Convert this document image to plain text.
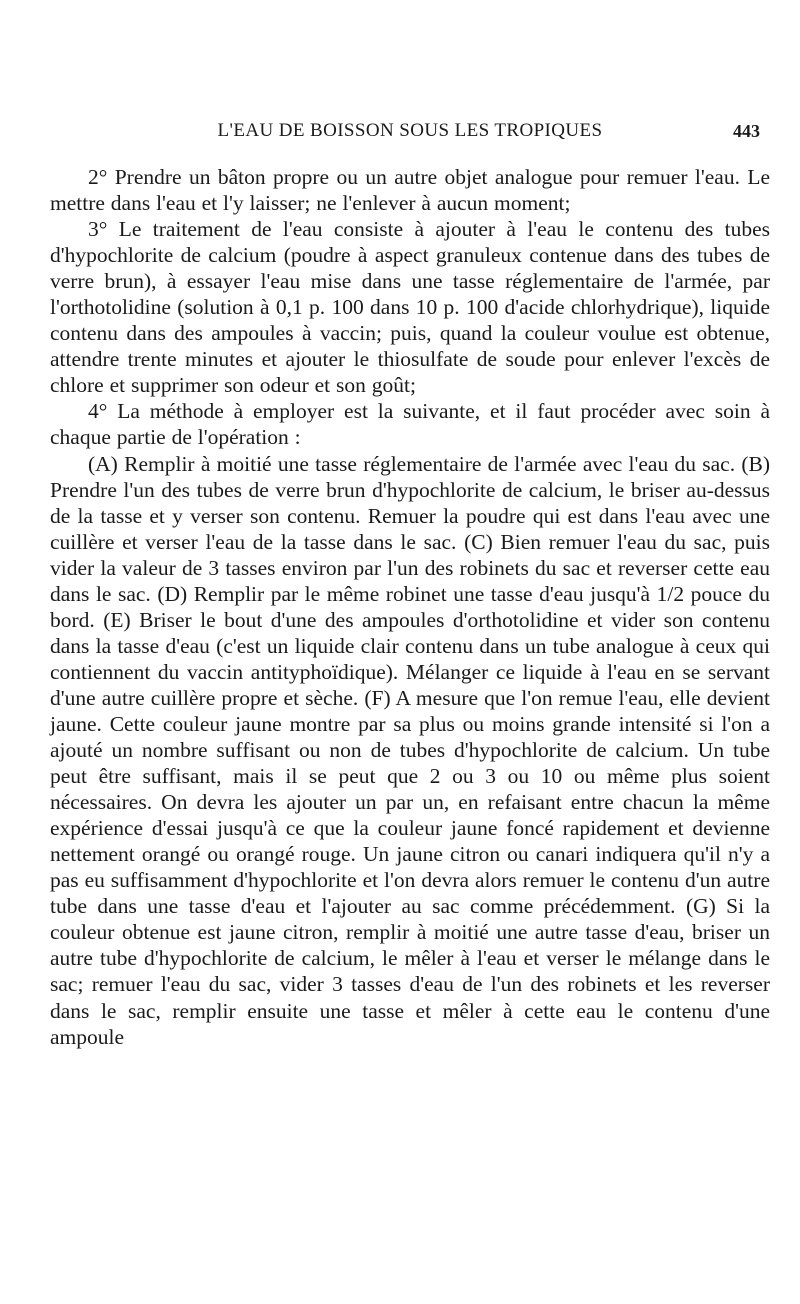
L'EAU DE BOISSON SOUS LES TROPIQUES	443

2° Prendre un bâton propre ou un autre objet analogue pour remuer l'eau. Le mettre dans l'eau et l'y laisser; ne l'enlever à aucun moment;

3° Le traitement de l'eau consiste à ajouter à l'eau le contenu des tubes d'hypochlorite de calcium (poudre à aspect granuleux contenue dans des tubes de verre brun), à essayer l'eau mise dans une tasse réglementaire de l'armée, par l'orthotolidine (solution à 0,1 p. 100 dans 10 p. 100 d'acide chlorhydrique), liquide contenu dans des ampoules à vaccin; puis, quand la couleur voulue est obtenue, attendre trente minutes et ajouter le thiosulfate de soude pour enlever l'excès de chlore et supprimer son odeur et son goût;

4° La méthode à employer est la suivante, et il faut procéder avec soin à chaque partie de l'opération :

(A) Remplir à moitié une tasse réglementaire de l'armée avec l'eau du sac. (B) Prendre l'un des tubes de verre brun d'hypochlorite de calcium, le briser au-dessus de la tasse et y verser son contenu. Remuer la poudre qui est dans l'eau avec une cuillère et verser l'eau de la tasse dans le sac. (C) Bien remuer l'eau du sac, puis vider la valeur de 3 tasses environ par l'un des robinets du sac et reverser cette eau dans le sac. (D) Remplir par le même robinet une tasse d'eau jusqu'à 1/2 pouce du bord. (E) Briser le bout d'une des ampoules d'orthotolidine et vider son contenu dans la tasse d'eau (c'est un liquide clair contenu dans un tube analogue à ceux qui contiennent du vaccin antityphoïdique). Mélanger ce liquide à l'eau en se servant d'une autre cuillère propre et sèche. (F) A mesure que l'on remue l'eau, elle devient jaune. Cette couleur jaune montre par sa plus ou moins grande intensité si l'on a ajouté un nombre suffisant ou non de tubes d'hypochlorite de calcium. Un tube peut être suffisant, mais il se peut que 2 ou 3 ou 10 ou même plus soient nécessaires. On devra les ajouter un par un, en refaisant entre chacun la même expérience d'essai jusqu'à ce que la couleur jaune foncé rapidement et devienne nettement orangé ou orangé rouge. Un jaune citron ou canari indiquera qu'il n'y a pas eu suffisamment d'hypochlorite et l'on devra alors remuer le contenu d'un autre tube dans une tasse d'eau et l'ajouter au sac comme précédemment. (G) Si la couleur obtenue est jaune citron, remplir à moitié une autre tasse d'eau, briser un autre tube d'hypochlorite de calcium, le mêler à l'eau et verser le mélange dans le sac; remuer l'eau du sac, vider 3 tasses d'eau de l'un des robinets et les reverser dans le sac, remplir ensuite une tasse et mêler à cette eau le contenu d'une ampoule
